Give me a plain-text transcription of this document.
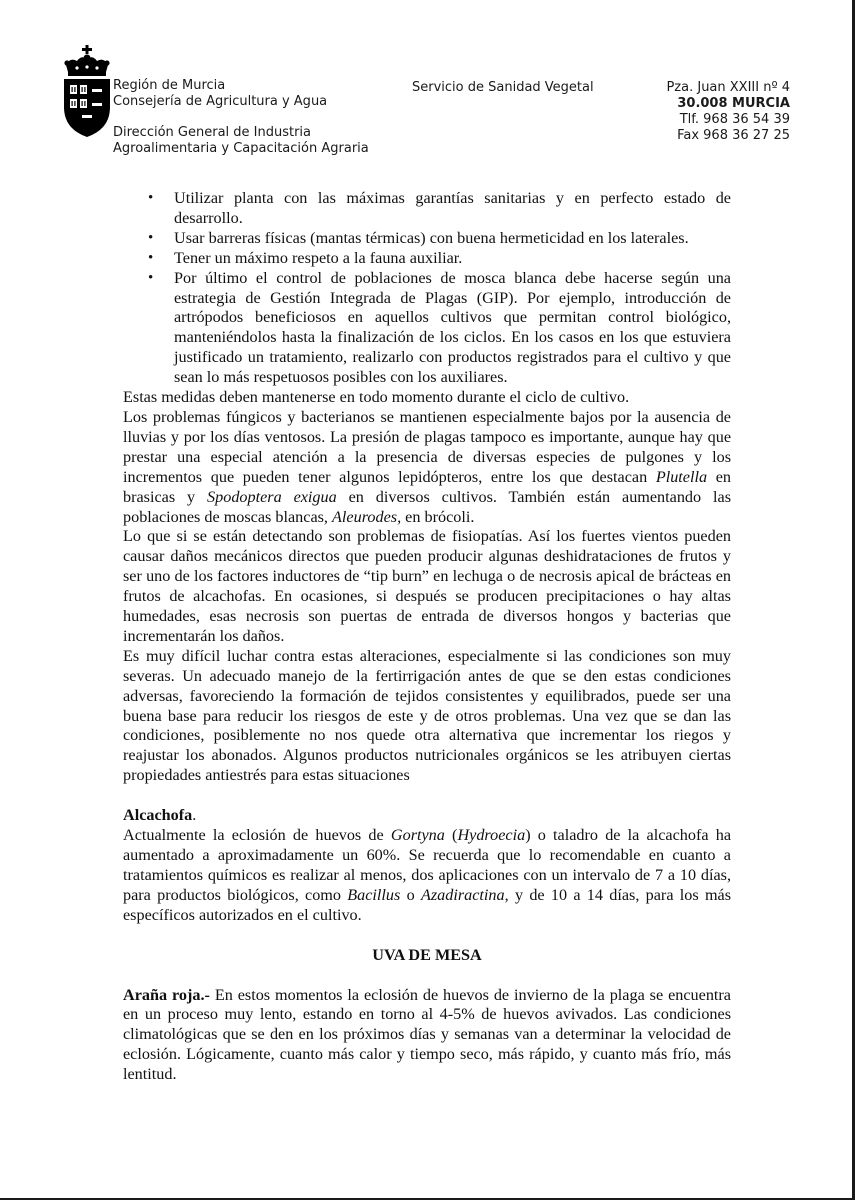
Región de Murcia
Consejería de Agricultura y Agua
Dirección General de Industria
Agroalimentaria y Capacitación Agraria
Servicio de Sanidad Vegetal	Pza. Juan XXIII nº 4
30.008 MURCIA
Tlf. 968 36 54 39
Fax 968 36 27 25
• Utilizar planta con las máximas garantías sanitarias y en perfecto estado de desarrollo.
• Usar barreras físicas (mantas térmicas) con buena hermeticidad en los laterales.
• Tener un máximo respeto a la fauna auxiliar.
• Por último el control de poblaciones de mosca blanca debe hacerse según una estrategia de Gestión Integrada de Plagas (GIP). Por ejemplo, introducción de artrópodos beneficiosos en aquellos cultivos que permitan control biológico, manteniéndolos hasta la finalización de los ciclos. En los casos en los que estuviera justificado un tratamiento, realizarlo con productos registrados para el cultivo y que sean lo más respetuosos posibles con los auxiliares.

Estas medidas deben mantenerse en todo momento durante el ciclo de cultivo.

Los problemas fúngicos y bacterianos se mantienen especialmente bajos por la ausencia de lluvias y por los días ventosos. La presión de plagas tampoco es importante, aunque hay que prestar una especial atención a la presencia de diversas especies de pulgones y los incrementos que pueden tener algunos lepidópteros, entre los que destacan Plutella en brasicas y Spodoptera exigua en diversos cultivos. También están aumentando las poblaciones de moscas blancas, Aleurodes, en brócoli.

Lo que si se están detectando son problemas de fisiopatías. Así los fuertes vientos pueden causar daños mecánicos directos que pueden producir algunas deshidrataciones de frutos y ser uno de los factores inductores de “tip burn” en lechuga o de necrosis apical de brácteas en frutos de alcachofas. En ocasiones, si después se producen precipitaciones o hay altas humedades, esas necrosis son puertas de entrada de diversos hongos y bacterias que incrementarán los daños.

Es muy difícil luchar contra estas alteraciones, especialmente si las condiciones son muy severas. Un adecuado manejo de la fertirrigación antes de que se den estas condiciones adversas, favoreciendo la formación de tejidos consistentes y equilibrados, puede ser una buena base para reducir los riesgos de este y de otros problemas. Una vez que se dan las condiciones, posiblemente no nos quede otra alternativa que incrementar los riegos y reajustar los abonados. Algunos productos nutricionales orgánicos se les atribuyen ciertas propiedades antiestrés para estas situaciones

Alcachofa.

Actualmente la eclosión de huevos de Gortyna (Hydroecia) o taladro de la alcachofa ha aumentado a aproximadamente un 60%. Se recuerda que lo recomendable en cuanto a tratamientos químicos es realizar al menos, dos aplicaciones con un intervalo de 7 a 10 días, para productos biológicos, como Bacillus o Azadiractina, y de 10 a 14 días, para los más específicos autorizados en el cultivo.

UVA DE MESA

Araña roja.- En estos momentos la eclosión de huevos de invierno de la plaga se encuentra en un proceso muy lento, estando en torno al 4-5% de huevos avivados. Las condiciones climatológicas que se den en los próximos días y semanas van a determinar la velocidad de eclosión. Lógicamente, cuanto más calor y tiempo seco, más rápido, y cuanto más frío, más lentitud.
